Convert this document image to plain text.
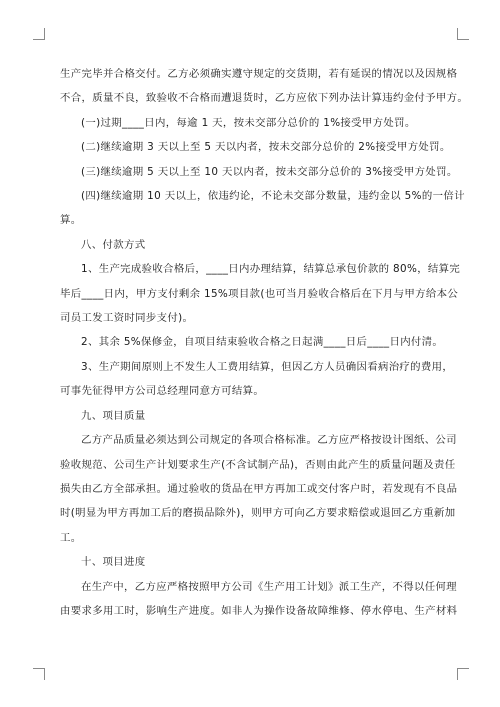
生产完毕并合格交付。乙方必须确实遵守规定的交货期，若有延误的情况以及因规格

不合，质量不良，致验收不合格而遭退货时，乙方应依下列办法计算违约金付予甲方。

(一)过期____日内，每逾 1 天，按未交部分总价的 1%接受甲方处罚。

(二)继续逾期 3 天以上至 5 天以内者，按未交部分总价的 2%接受甲方处罚。

(三)继续逾期 5 天以上至 10 天以内者，按未交部分总价的 3%接受甲方处罚。

(四)继续逾期 10 天以上，依违约论，不论未交部分数量，违约金以 5%的一倍计

算。

八、付款方式

1、生产完成验收合格后，____日内办理结算，结算总承包价款的 80%，结算完

毕后____日内，甲方支付剩余 15%项目款(也可当月验收合格后在下月与甲方给本公

司员工发工资时同步支付)。

2、其余 5%保修金，自项目结束验收合格之日起满____日后____日内付清。

3、生产期间原则上不发生人工费用结算，但因乙方人员确因看病治疗的费用，

可事先征得甲方公司总经理同意方可结算。

九、项目质量

乙方产品质量必须达到公司规定的各项合格标准。乙方应严格按设计图纸、公司

验收规范、公司生产计划要求生产(不含试制产品)，否则由此产生的质量问题及责任

损失由乙方全部承担。通过验收的货品在甲方再加工或交付客户时，若发现有不良品

时(明显为甲方再加工后的磨损品除外)，则甲方可向乙方要求赔偿或退回乙方重新加

工。

十、项目进度

在生产中，乙方应严格按照甲方公司《生产用工计划》派工生产，不得以任何理

由要求多用工时，影响生产进度。如非人为操作设备故障维修、停水停电、生产材料
